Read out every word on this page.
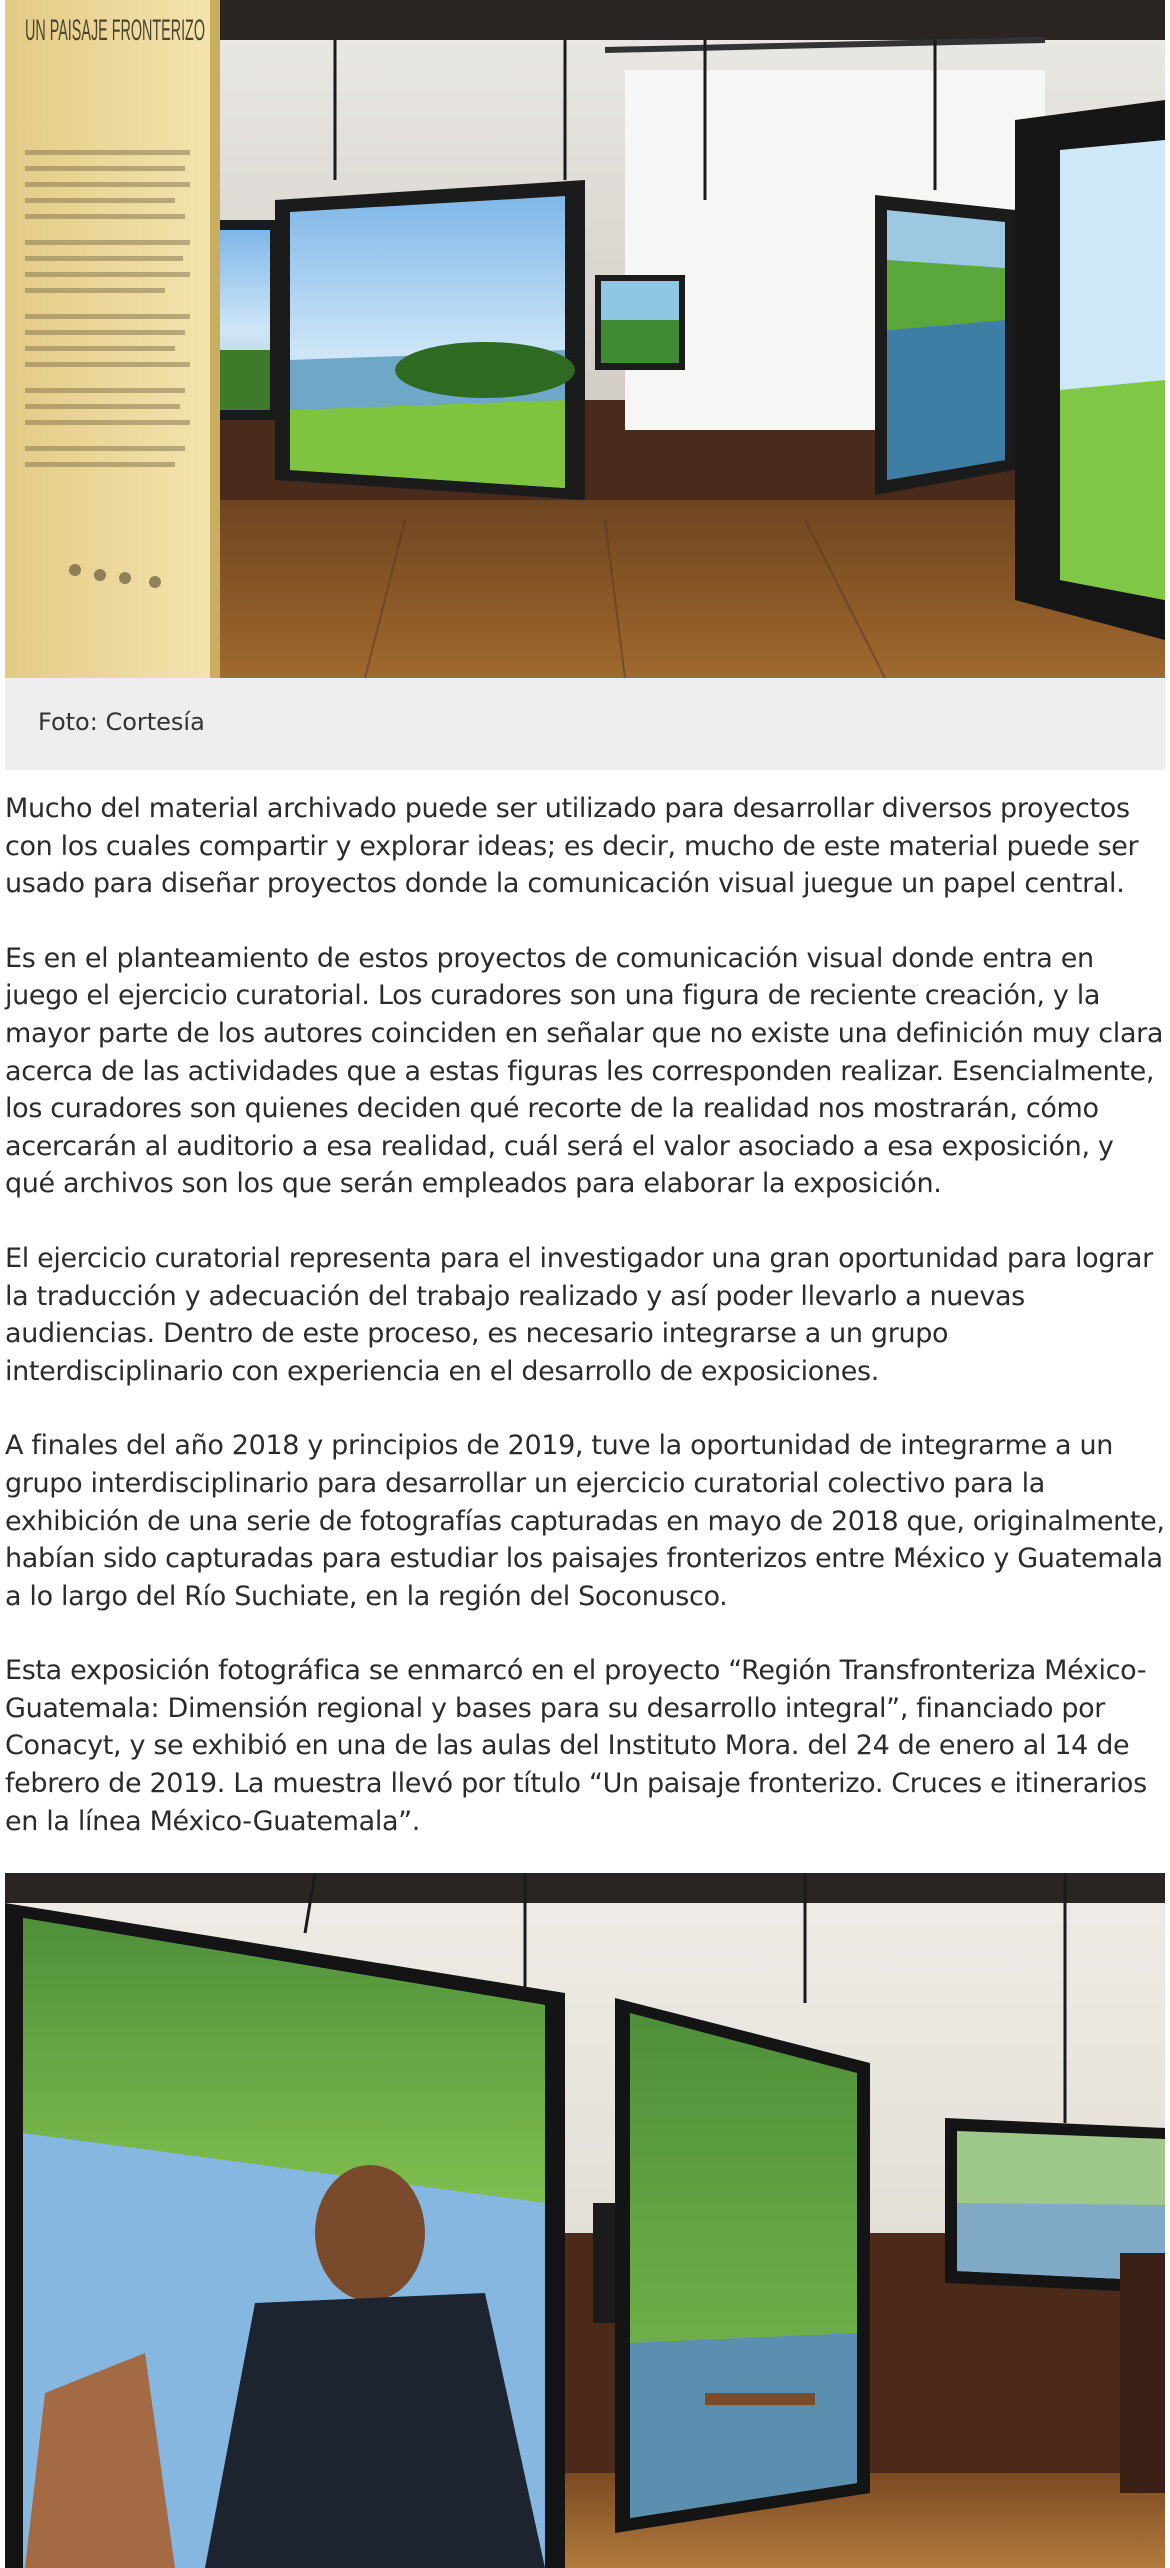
UN PAISAJE FRONTERIZO
Foto: Cortesía

Mucho del material archivado puede ser utilizado para desarrollar diversos proyectos con los cuales compartir y explorar ideas; es decir, mucho de este material puede ser usado para diseñar proyectos donde la comunicación visual juegue un papel central.

Es en el planteamiento de estos proyectos de comunicación visual donde entra en juego el ejercicio curatorial. Los curadores son una figura de reciente creación, y la mayor parte de los autores coinciden en señalar que no existe una definición muy clara acerca de las actividades que a estas figuras les corresponden realizar. Esencialmente, los curadores son quienes deciden qué recorte de la realidad nos mostrarán, cómo acercarán al auditorio a esa realidad, cuál será el valor asociado a esa exposición, y qué archivos son los que serán empleados para elaborar la exposición.

El ejercicio curatorial representa para el investigador una gran oportunidad para lograr la traducción y adecuación del trabajo realizado y así poder llevarlo a nuevas audiencias. Dentro de este proceso, es necesario integrarse a un grupo interdisciplinario con experiencia en el desarrollo de exposiciones.

A finales del año 2018 y principios de 2019, tuve la oportunidad de integrarme a un grupo interdisciplinario para desarrollar un ejercicio curatorial colectivo para la exhibición de una serie de fotografías capturadas en mayo de 2018 que, originalmente, habían sido capturadas para estudiar los paisajes fronterizos entre México y Guatemala a lo largo del Río Suchiate, en la región del Soconusco.

Esta exposición fotográfica se enmarcó en el proyecto “Región Transfronteriza México-Guatemala: Dimensión regional y bases para su desarrollo integral”, financiado por Conacyt, y se exhibió en una de las aulas del Instituto Mora. del 24 de enero al 14 de febrero de 2019. La muestra llevó por título “Un paisaje fronterizo. Cruces e itinerarios en la línea México-Guatemala”.
